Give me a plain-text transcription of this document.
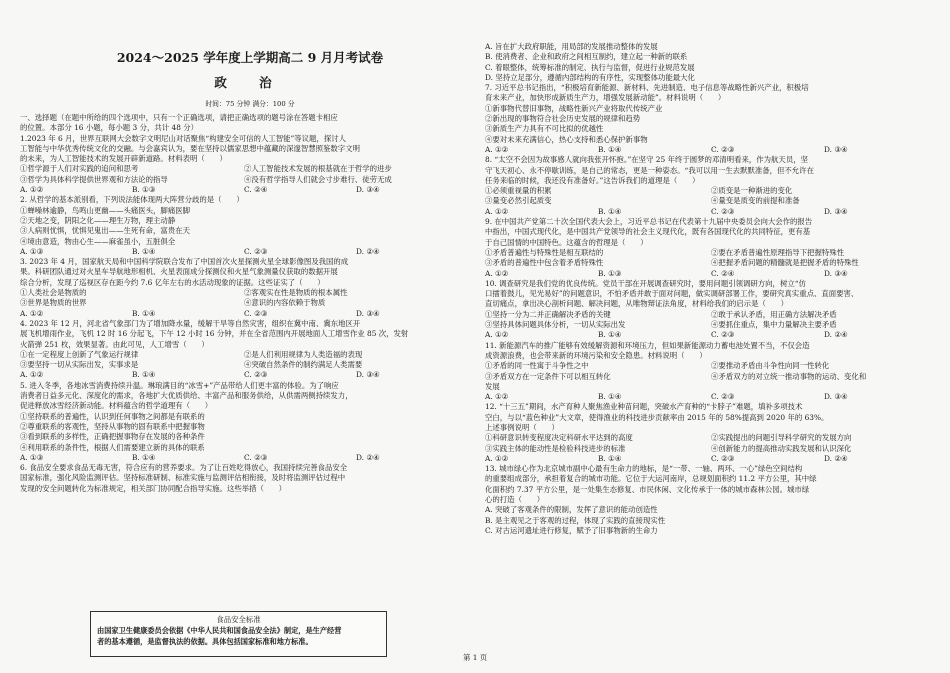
2024～2025 学年度上学期高二 9 月月考试卷
政 治
时间：75 分钟 满分：100 分
一、选择题（在题中所给的四个选项中，只有一个正确选项，请把正确选项的题号涂在答题卡相应
的位置。本部分 16 小题，每小题 3 分，共计 48 分）
1.2023 年 6 月，世界互联网大会数字文明尼山对话聚焦“构建安全可信的人工智能”等议题，探讨人
工智能与中华优秀传统文化的交融。与会嘉宾认为，要在坚持以儒家思想中蕴藏的深邃智慧照鉴数字文明
的未来，为人工智能技术的发展开辟新道路。材料表明（　　）
①哲学源于人们对实践的追问和思考	②人工智能技术发展的根基就在于哲学的进步
③哲学为具体科学提供世界观和方法论的指导	④没有哲学指导人们就会寸步难行、徒劳无成
A. ①②	B. ①③	C. ②④	D. ③④
2. 从哲学的基本派别看，下列说法能体现两大阵营分歧的是（　　）
①蝉噪林逾静，鸟鸣山更幽——头痛医头，脚痛医脚
②天地之变，阴阳之化——理生万物，理主动静
③人病则忧惧，忧惧见鬼出——生死有命，富贵在天
④境由意造，物由心生——麻雀虽小，五脏俱全
A. ①③	B. ①④	C. ②③	D. ②④
3. 2023 年 4 月，国家航天局和中国科学院联合发布了中国首次火星探测火星全球影像图及我国的成
果。科研团队通过对火星车导航地形相机、火星表面成分探测仪和火星气象测量仪获取的数据开展
综合分析，发现了巡视区存在距今约 7.6 亿年左右的水活动现象的证据。这些证实了（　　）
①人类社会是物质的	②客观实在性是物质的根本属性
③世界是物质的世界	④意识的内容依赖于物质
A. ①②	B. ①④	C. ②③	D. ③④
4. 2023 年 12 月，河北省气象部门为了增加降水量，缓解干旱等自然灾害，组织在冀中南、冀东地区开
展飞机增雨作业，飞机 12 时 16 分起飞，下午 12 小时 16 分钟，并在全省范围内开展地面人工增雪作业 85 次，发射
火箭弹 251 枚，效果显著。由此可见，人工增雪（　　）
①在一定程度上创新了气象运行规律	②是人们利用规律为人类造福的表现
③要坚持一切从实际出发，实事求是	④突破自然条件的制约满足人类需要
A. ①②	B. ①④	C. ②③	D. ③④
5. 进入冬季，各地冰雪消费持续升温。琳琅满目的“冰雪+”产品带给人们更丰富的体验。为了响应
消费者日益多元化、深度化的需求，各地扩大优质供给、丰富产品和服务供给，从供需两侧持续发力，
促进释放冰雪经济新动能。材料蕴含的哲学道理有（　　）
①坚持联系的普遍性，认识到任何事物之间都是有联系的
②尊重联系的客观性，坚持从事物的固有联系中把握事物
③看到联系的多样性，正确把握事物存在发展的各种条件
④利用联系的条件性，根据人们需要建立新的具体的联系
A. ①③	B. ①④	C. ②③	D. ②④
6. 食品安全要求食品无毒无害，符合应有的营养要求。为了让百姓吃得放心，我国持续完善食品安全
国家标准，强化风险监测评估。坚持标准研制、标准实施与监测评估相衔接，及时将监测评估过程中
发现的安全问题转化为标准规定，相关部门协同配合指导实施。这些举措（　　）
食品安全标准
由国家卫生健康委员会依据《中华人民共和国食品安全法》制定，是生产经营
者的基本遵循，是监督执法的依据。具体包括国家标准和地方标准。
A. 旨在扩大政府职能，用局部的发展推动整体的发展
B. 使消费者、企业和政府之间相互制约，建立起一种新的联系
C. 着眼整体，统筹标准的制定、执行与监督，促进行业规范发展
D. 坚持立足部分，遵循内部结构的有序性，实现整体功能最大化
7. 习近平总书记指出，“积极培育新能源、新材料、先进制造、电子信息等战略性新兴产业，积极培
育未来产业，加快形成新质生产力，增强发展新动能”。材料说明（　　）
①新事物代替旧事物，战略性新兴产业将取代传统产业
②新出现的事物符合社会历史发展的规律和趋势
③新质生产力具有不可比拟的优越性
④要对未来充满信心，热心支持和悉心保护新事物
A. ①②	B. ①④	C. ②③	D. ③④
8. “太空不会因为故事感人就向我张开怀抱。”在坚守 25 年终于圆梦的邓清明看来，作为航天员，坚
守飞天初心、永不停歇训练，是自己的常态，更是一种姿态。“我可以用一生去默默准备，但不允许在
任务来临的时候，我还没有准备好。”这告诉我们的道理是（　　）
①必须重视量的积累	②质变是一种渐进的变化
③量变必然引起质变	④量变是质变的前提和准备
A. ①②	B. ①④	C. ②③	D. ③④
9. 在中国共产党第二十次全国代表大会上，习近平总书记在代表第十九届中央委员会向大会作的报告
中指出，中国式现代化，是中国共产党领导的社会主义现代化，既有各国现代化的共同特征，更有基
于自己国情的中国特色。这蕴含的哲理是（　　）
①矛盾普遍性与特殊性是相互联结的	②要在矛盾普遍性原理指导下把握特殊性
③矛盾的普遍性中包含着矛盾特殊性	④把握矛盾问题的精髓就是把握矛盾的特殊性
A. ①②	B. ①③	C. ②④	D. ③④
10. 调查研究是我们党的优良传统。党员干部在开展调查研究时，要用问题引领调研方向，树立“仿
口擂着鼓儿，见光易好”的问题意识，不怕矛盾并敢于面对问题，做实调研部署工作，要研究真实重点、直面要害、
直切痛点，拿出决心剖析问题、解决问题，从唯物辩证法角度，材料给我们的启示是（　　）
①坚持一分为二并正确解决矛盾的关键	②敢于承认矛盾，用正确方法解决矛盾
③坚持具体问题具体分析，一切从实际出发	④要抓住重点，集中力量解决主要矛盾
A. ①②	B. ①④	C. ②③	D. ②④
11. 新能源汽车的推广能够有效缓解资源和环境压力，但如果新能源动力蓄电池处置不当，不仅会造
成资源浪费，也会带来新的环境污染和安全隐患。材料说明（　　）
①矛盾的同一性寓于斗争性之中	②要推动矛盾由斗争性向同一性转化
③矛盾双方在一定条件下可以相互转化	④矛盾双方的对立统一推动事物的运动、变化和
发展
A. ①②	B. ①④	C. ②③	D. ③④
12. “十三五”期间，水产育种人聚焦渔业种苗问题，突破水产育种的“卡脖子”难题，填补多项技术
空白，与以“蓝色种业”大文章，使得渔业的科技进步贡献率由 2015 年的 58%提高到 2020 年的 63%。
上述事例说明（　　）
①科研意识转变程度决定科研水平达到的高度	②实践提出的问题引导科学研究的发展方向
③实践主体的能动性是检验科技进步的标准	④创新能力的提高推动实践发展和认识深化
A. ①②	B. ①④	C. ②③	D. ②④
13. 城市绿心作为北京城市副中心最有生命力的地标，是“一带、一轴、两环、一心”绿色空间结构
的重要组成部分，承担着复合的城市功能。它位于大运河南岸，总规划面积约 11.2 平方公里，其中绿
化面积约 7.37 平方公里，是一处集生态修复、市民休闲、文化传承于一体的城市森林公园。城市绿
心的打造（　　）
A. 突破了客观条件的限制，发挥了意识的能动创造性
B. 是主观见之于客观的过程，体现了实践的直接现实性
C. 对古运河遗址进行修复，赋予了旧事物新的生命力
第 1 页
